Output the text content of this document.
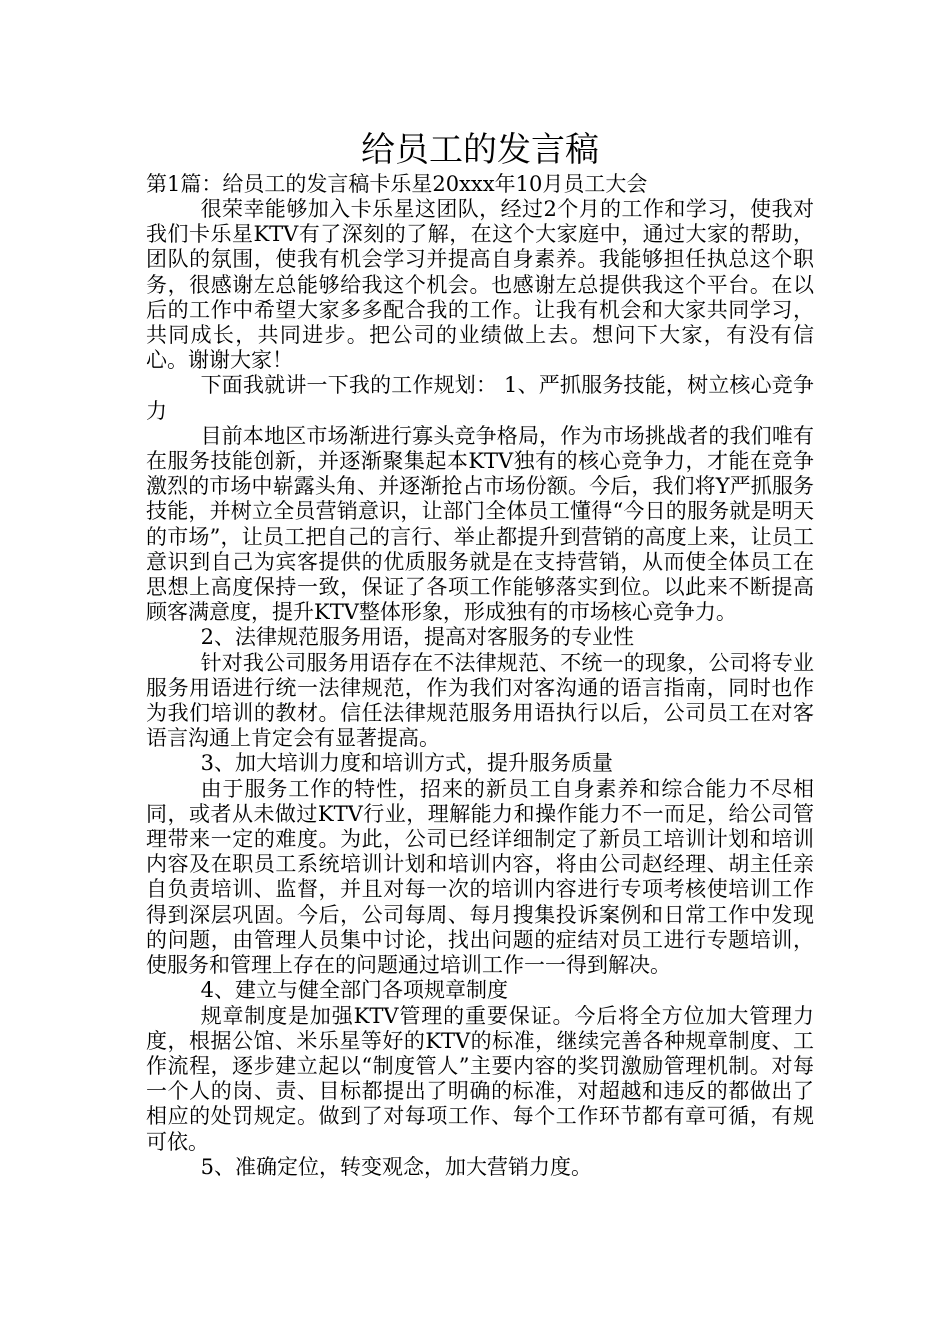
给员工的发言稿

第1篇：给员工的发言稿卡乐星20xxx年10月员工大会

很荣幸能够加入卡乐星这团队，经过2个月的工作和学习，使我对我们卡乐星KTV有了深刻的了解，在这个大家庭中，通过大家的帮助，团队的氛围，使我有机会学习并提高自身素养。我能够担任执总这个职务，很感谢左总能够给我这个机会。也感谢左总提供我这个平台。在以后的工作中希望大家多多配合我的工作。让我有机会和大家共同学习，共同成长，共同进步。把公司的业绩做上去。想问下大家，有没有信心。谢谢大家！

下面我就讲一下我的工作规划： 1、严抓服务技能，树立核心竞争力

目前本地区市场渐进行寡头竞争格局，作为市场挑战者的我们唯有在服务技能创新，并逐渐聚集起本KTV独有的核心竞争力，才能在竞争激烈的市场中崭露头角、并逐渐抢占市场份额。今后，我们将Y严抓服务技能，并树立全员营销意识，让部门全体员工懂得“今日的服务就是明天的市场”，让员工把自己的言行、举止都提升到营销的高度上来，让员工意识到自己为宾客提供的优质服务就是在支持营销，从而使全体员工在思想上高度保持一致，保证了各项工作能够落实到位。以此来不断提高顾客满意度，提升KTV整体形象，形成独有的市场核心竞争力。

2、法律规范服务用语，提高对客服务的专业性

针对我公司服务用语存在不法律规范、不统一的现象，公司将专业服务用语进行统一法律规范，作为我们对客沟通的语言指南，同时也作为我们培训的教材。信任法律规范服务用语执行以后，公司员工在对客语言沟通上肯定会有显著提高。

3、加大培训力度和培训方式，提升服务质量

由于服务工作的特性，招来的新员工自身素养和综合能力不尽相同，或者从未做过KTV行业，理解能力和操作能力不一而足，给公司管理带来一定的难度。为此，公司已经详细制定了新员工培训计划和培训内容及在职员工系统培训计划和培训内容，将由公司赵经理、胡主任亲自负责培训、监督，并且对每一次的培训内容进行专项考核使培训工作得到深层巩固。今后，公司每周、每月搜集投诉案例和日常工作中发现的问题，由管理人员集中讨论，找出问题的症结对员工进行专题培训，使服务和管理上存在的问题通过培训工作一一得到解决。

4、建立与健全部门各项规章制度

规章制度是加强KTV管理的重要保证。今后将全方位加大管理力度，根据公馆、米乐星等好的KTV的标准，继续完善各种规章制度、工作流程，逐步建立起以“制度管人”主要内容的奖罚激励管理机制。对每一个人的岗、责、目标都提出了明确的标准，对超越和违反的都做出了相应的处罚规定。做到了对每项工作、每个工作环节都有章可循，有规可依。

5、准确定位，转变观念，加大营销力度。
